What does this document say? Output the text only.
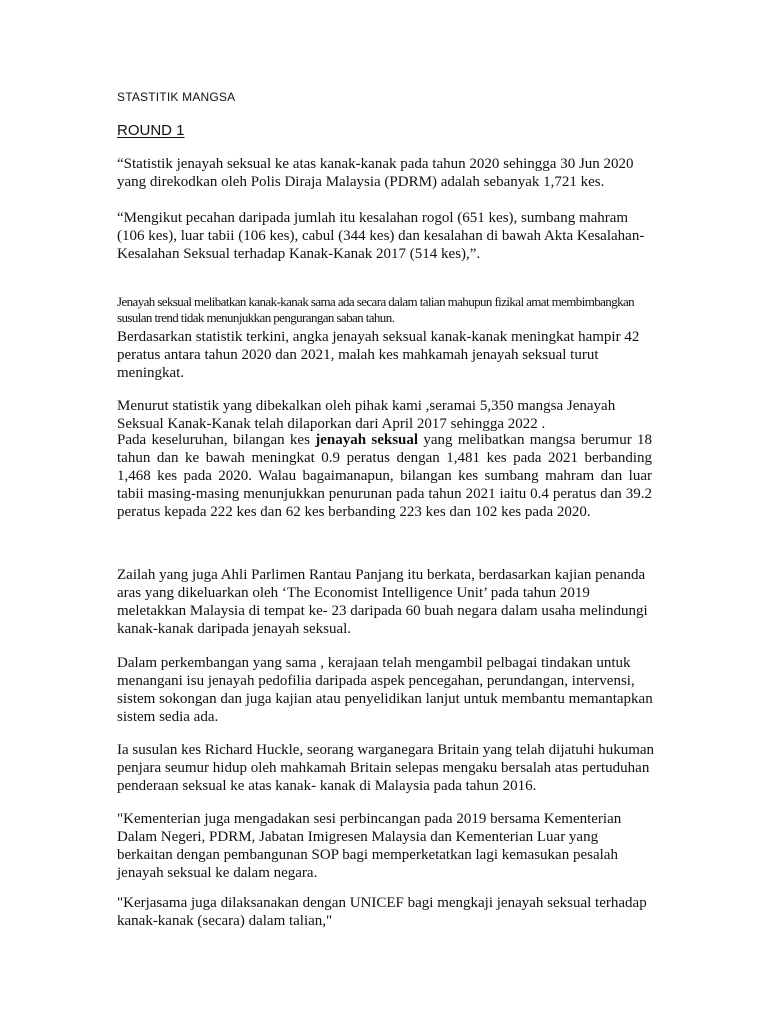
STASTITIK MANGSA
ROUND 1

“Statistik jenayah seksual ke atas kanak-kanak pada tahun 2020 sehingga 30 Jun 2020 yang direkodkan oleh Polis Diraja Malaysia (PDRM) adalah sebanyak 1,721 kes.

“Mengikut pecahan daripada jumlah itu kesalahan rogol (651 kes), sumbang mahram (106 kes), luar tabii (106 kes), cabul (344 kes) dan kesalahan di bawah Akta Kesalahan-Kesalahan Seksual terhadap Kanak-Kanak 2017 (514 kes),”.

Jenayah seksual melibatkan kanak-kanak sama ada secara dalam talian mahupun fizikal amat membimbangkan susulan trend tidak menunjukkan pengurangan saban tahun.

Berdasarkan statistik terkini, angka jenayah seksual kanak-kanak meningkat hampir 42 peratus antara tahun 2020 dan 2021, malah kes mahkamah jenayah seksual turut meningkat.

Menurut statistik yang dibekalkan oleh pihak kami ,seramai 5,350 mangsa Jenayah Seksual Kanak-Kanak telah dilaporkan dari April 2017 sehingga 2022 .

Pada keseluruhan, bilangan kes jenayah seksual yang melibatkan mangsa berumur 18 tahun dan ke bawah meningkat 0.9 peratus dengan 1,481 kes pada 2021 berbanding 1,468 kes pada 2020. Walau bagaimanapun, bilangan kes sumbang mahram dan luar tabii masing-masing menunjukkan penurunan pada tahun 2021 iaitu 0.4 peratus dan 39.2 peratus kepada 222 kes dan 62 kes berbanding 223 kes dan 102 kes pada 2020.

Zailah yang juga Ahli Parlimen Rantau Panjang itu berkata, berdasarkan kajian penanda aras yang dikeluarkan oleh ‘The Economist Intelligence Unit’ pada tahun 2019 meletakkan Malaysia di tempat ke- 23 daripada 60 buah negara dalam usaha melindungi kanak-kanak daripada jenayah seksual.

Dalam perkembangan yang sama , kerajaan telah mengambil pelbagai tindakan untuk menangani isu jenayah pedofilia daripada aspek pencegahan, perundangan, intervensi, sistem sokongan dan juga kajian atau penyelidikan lanjut untuk membantu memantapkan sistem sedia ada.

Ia susulan kes Richard Huckle, seorang warganegara Britain yang telah dijatuhi hukuman penjara seumur hidup oleh mahkamah Britain selepas mengaku bersalah atas pertuduhan penderaan seksual ke atas kanak- kanak di Malaysia pada tahun 2016.

"Kementerian juga mengadakan sesi perbincangan pada 2019 bersama Kementerian Dalam Negeri, PDRM, Jabatan Imigresen Malaysia dan Kementerian Luar yang berkaitan dengan pembangunan SOP bagi memperketatkan lagi kemasukan pesalah jenayah seksual ke dalam negara.

"Kerjasama juga dilaksanakan dengan UNICEF bagi mengkaji jenayah seksual terhadap kanak-kanak (secara) dalam talian,"
